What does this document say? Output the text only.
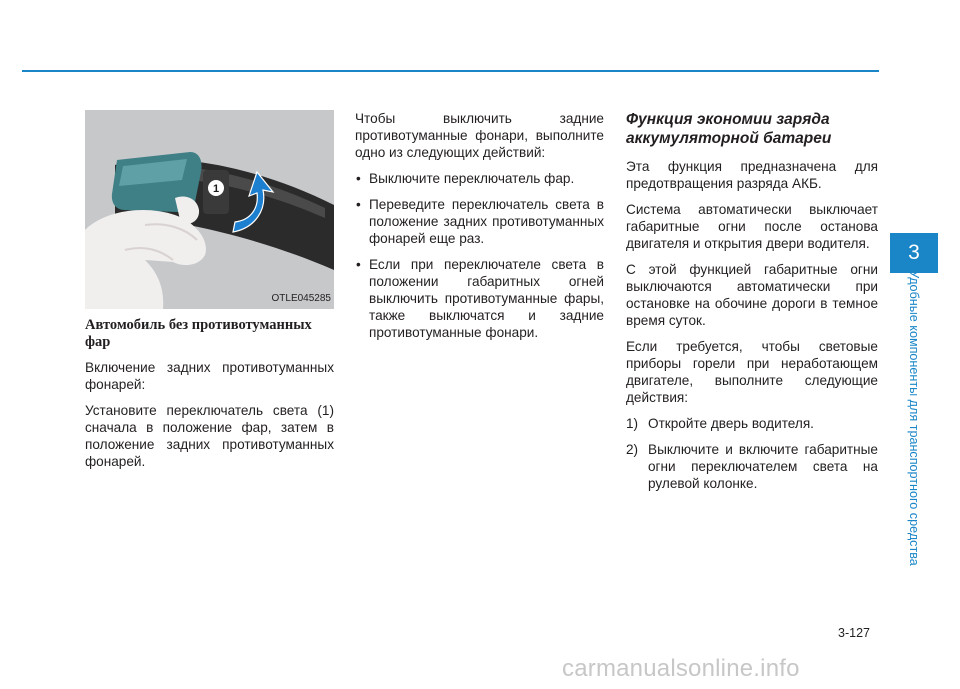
1
OTLE045285
Автомобиль без противотуманных фар

Включение задних противотуманных фонарей:

Установите переключатель света (1) сначала в положение фар, затем в положение задних противотуманных фонарей.

Чтобы выключить задние противотуманные фонари, выполните одно из следующих действий:

• Выключите переключатель фар.
• Переведите переключатель света в положение задних противотуманных фонарей еще раз.
• Если при переключателе света в положении габаритных огней выключить противотуманные фары, также выключатся и задние противотуманные фонари.
Функция экономии заряда аккумуляторной батареи

Эта функция предназначена для предотвращения разряда АКБ.

Система автоматически выключает габаритные огни после останова двигателя и открытия двери водителя.

С этой функцией габаритные огни выключаются автоматически при остановке на обочине дороги в темное время суток.

Если требуется, чтобы световые приборы горели при неработающем двигателе, выполните следующие действия:

1) Откройте дверь водителя.
2) Выключите и включите габаритные огни переключателем света на рулевой колонке.
3
Удобные компоненты для транспортного средства
3-127
carmanualsonline.info
